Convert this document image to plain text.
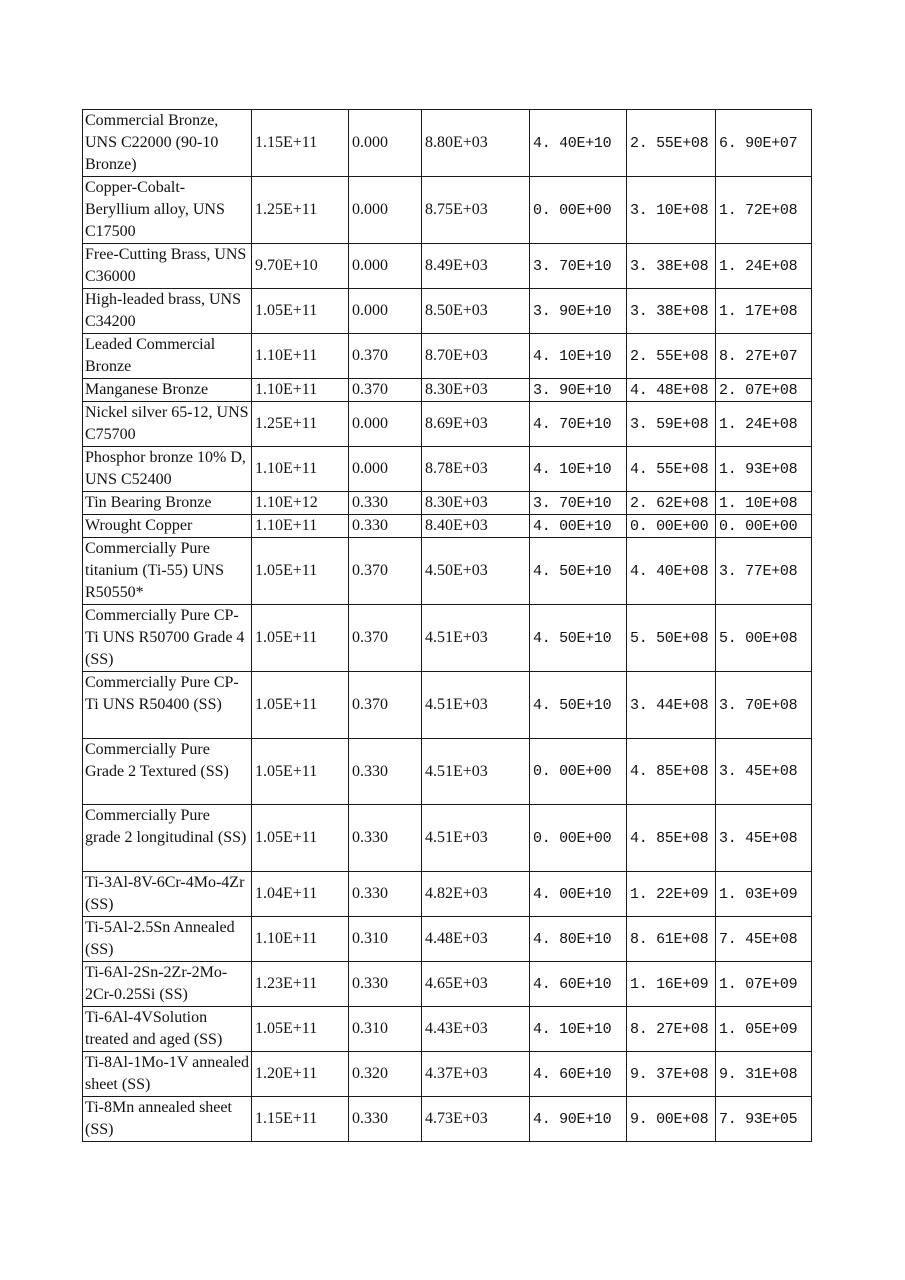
Commercial Bronze, UNS C22000 (90-10 Bronze)	1.15E+11	0.000	8.80E+03	4. 40E+10	2. 55E+08	6. 90E+07
Copper-Cobalt-Beryllium alloy, UNS C17500	1.25E+11	0.000	8.75E+03	0. 00E+00	3. 10E+08	1. 72E+08
Free-Cutting Brass, UNS C36000	9.70E+10	0.000	8.49E+03	3. 70E+10	3. 38E+08	1. 24E+08
High-leaded brass, UNS C34200	1.05E+11	0.000	8.50E+03	3. 90E+10	3. 38E+08	1. 17E+08
Leaded Commercial Bronze	1.10E+11	0.370	8.70E+03	4. 10E+10	2. 55E+08	8. 27E+07
Manganese Bronze	1.10E+11	0.370	8.30E+03	3. 90E+10	4. 48E+08	2. 07E+08
Nickel silver 65-12, UNS C75700	1.25E+11	0.000	8.69E+03	4. 70E+10	3. 59E+08	1. 24E+08
Phosphor bronze 10% D, UNS C52400	1.10E+11	0.000	8.78E+03	4. 10E+10	4. 55E+08	1. 93E+08
Tin Bearing Bronze	1.10E+12	0.330	8.30E+03	3. 70E+10	2. 62E+08	1. 10E+08
Wrought Copper	1.10E+11	0.330	8.40E+03	4. 00E+10	0. 00E+00	0. 00E+00
Commercially Pure titanium (Ti-55) UNS R50550*	1.05E+11	0.370	4.50E+03	4. 50E+10	4. 40E+08	3. 77E+08
Commercially Pure CP-Ti UNS R50700 Grade 4 (SS)	1.05E+11	0.370	4.51E+03	4. 50E+10	5. 50E+08	5. 00E+08
Commercially Pure CP-Ti UNS R50400 (SS)	1.05E+11	0.370	4.51E+03	4. 50E+10	3. 44E+08	3. 70E+08
Commercially Pure Grade 2 Textured (SS)	1.05E+11	0.330	4.51E+03	0. 00E+00	4. 85E+08	3. 45E+08
Commercially Pure grade 2 longitudinal (SS)	1.05E+11	0.330	4.51E+03	0. 00E+00	4. 85E+08	3. 45E+08
Ti-3Al-8V-6Cr-4Mo-4Zr (SS)	1.04E+11	0.330	4.82E+03	4. 00E+10	1. 22E+09	1. 03E+09
Ti-5Al-2.5Sn Annealed (SS)	1.10E+11	0.310	4.48E+03	4. 80E+10	8. 61E+08	7. 45E+08
Ti-6Al-2Sn-2Zr-2Mo-2Cr-0.25Si (SS)	1.23E+11	0.330	4.65E+03	4. 60E+10	1. 16E+09	1. 07E+09
Ti-6Al-4VSolution treated and aged (SS)	1.05E+11	0.310	4.43E+03	4. 10E+10	8. 27E+08	1. 05E+09
Ti-8Al-1Mo-1V annealed sheet (SS)	1.20E+11	0.320	4.37E+03	4. 60E+10	9. 37E+08	9. 31E+08
Ti-8Mn annealed sheet (SS)	1.15E+11	0.330	4.73E+03	4. 90E+10	9. 00E+08	7. 93E+05
